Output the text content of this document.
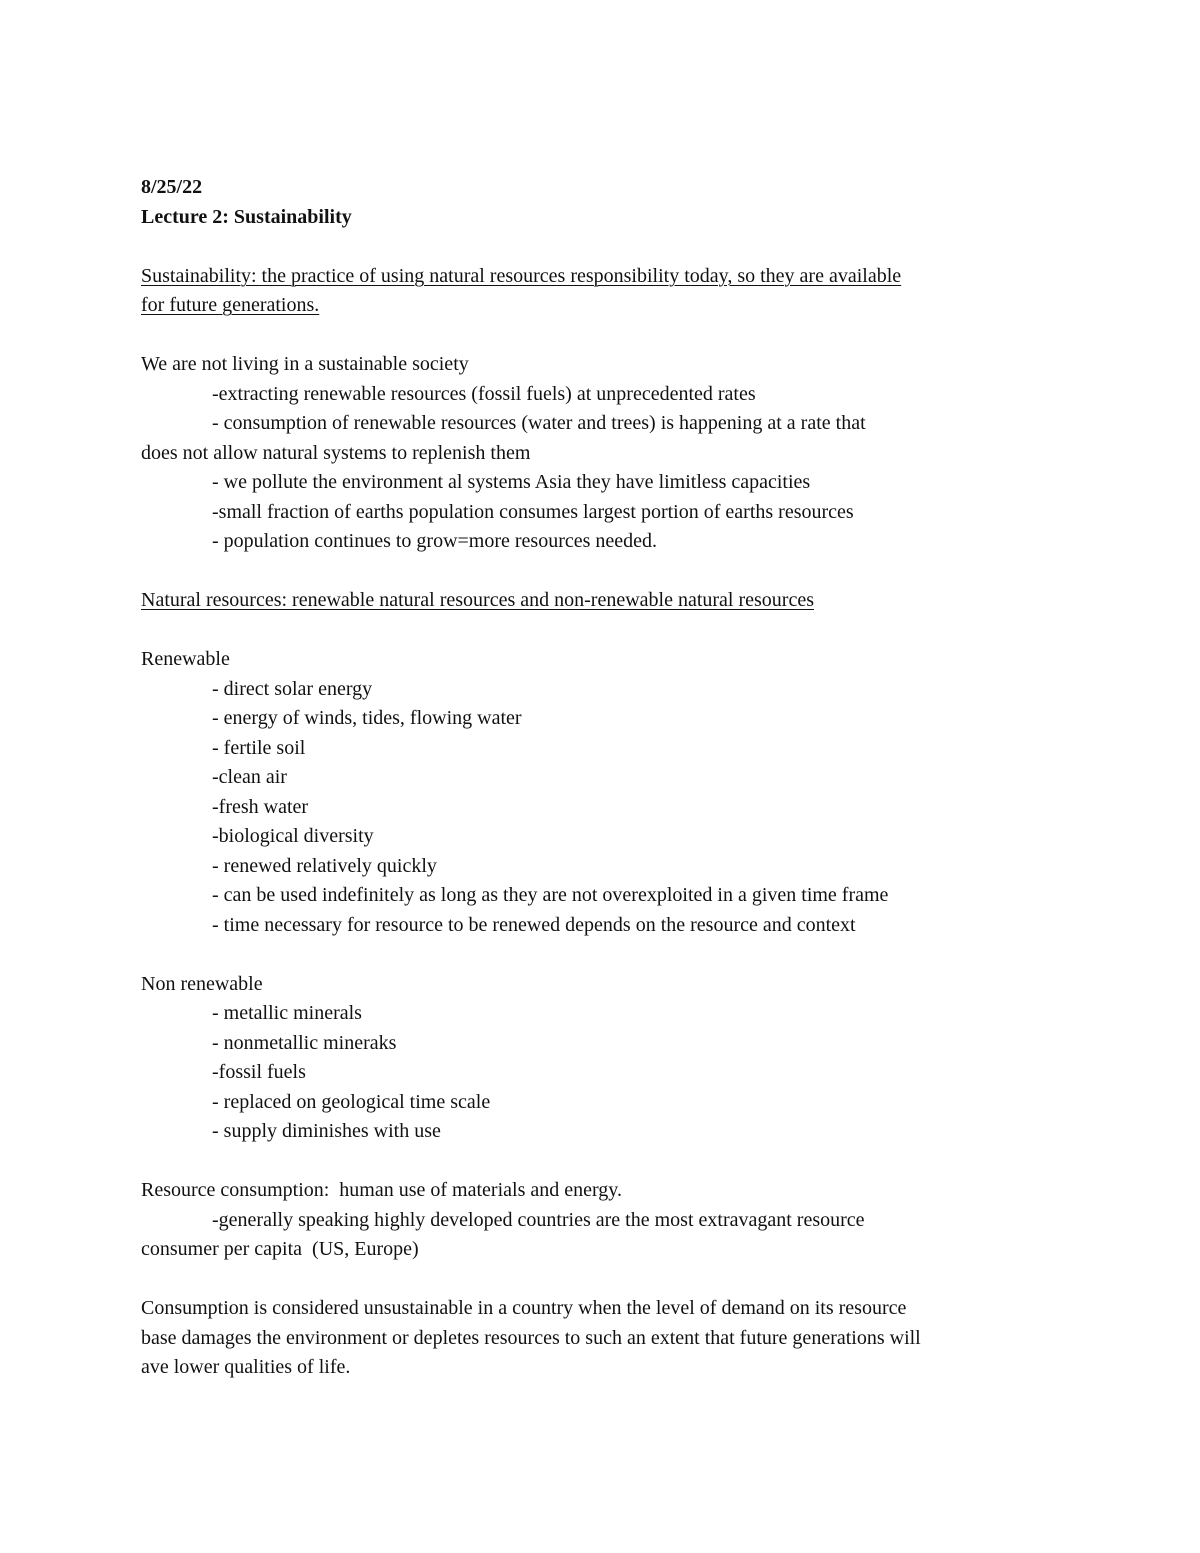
8/25/22
Lecture 2: Sustainability
Sustainability: the practice of using natural resources responsibility today, so they are available
for future generations.
We are not living in a sustainable society
-extracting renewable resources (fossil fuels) at unprecedented rates
- consumption of renewable resources (water and trees) is happening at a rate that
does not allow natural systems to replenish them
- we pollute the environment al systems Asia they have limitless capacities
-small fraction of earths population consumes largest portion of earths resources
- population continues to grow=more resources needed.
Natural resources: renewable natural resources and non-renewable natural resources
Renewable
- direct solar energy
- energy of winds, tides, flowing water
- fertile soil
-clean air
-fresh water
-biological diversity
- renewed relatively quickly
- can be used indefinitely as long as they are not overexploited in a given time frame
- time necessary for resource to be renewed depends on the resource and context
Non renewable
- metallic minerals
- nonmetallic mineraks
-fossil fuels
- replaced on geological time scale
- supply diminishes with use
Resource consumption:  human use of materials and energy.
-generally speaking highly developed countries are the most extravagant resource
consumer per capita  (US, Europe)
Consumption is considered unsustainable in a country when the level of demand on its resource
base damages the environment or depletes resources to such an extent that future generations will
ave lower qualities of life.
